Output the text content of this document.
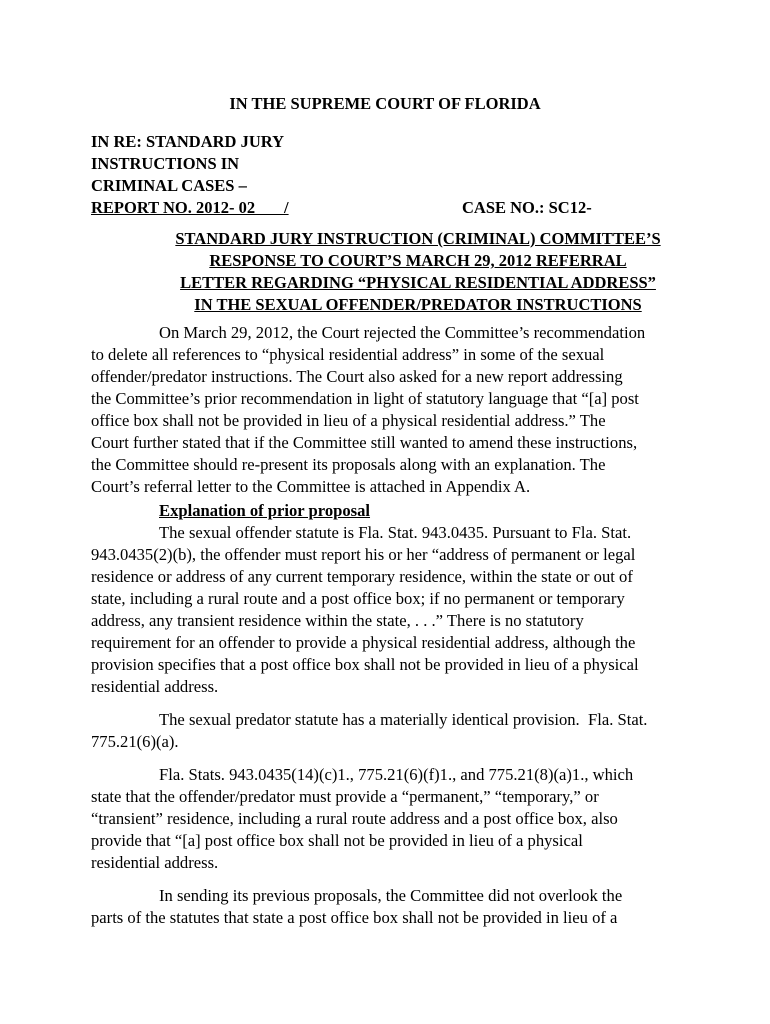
IN THE SUPREME COURT OF FLORIDA
IN RE: STANDARD JURY
INSTRUCTIONS IN
CRIMINAL CASES –
REPORT NO. 2012- 02       /	CASE NO.: SC12-
STANDARD JURY INSTRUCTION (CRIMINAL) COMMITTEE’S
RESPONSE TO COURT’S MARCH 29, 2012 REFERRAL
LETTER REGARDING “PHYSICAL RESIDENTIAL ADDRESS”
IN THE SEXUAL OFFENDER/PREDATOR INSTRUCTIONS
On March 29, 2012, the Court rejected the Committee’s recommendation
to delete all references to “physical residential address” in some of the sexual
offender/predator instructions. The Court also asked for a new report addressing
the Committee’s prior recommendation in light of statutory language that “[a] post
office box shall not be provided in lieu of a physical residential address.” The
Court further stated that if the Committee still wanted to amend these instructions,
the Committee should re-present its proposals along with an explanation. The
Court’s referral letter to the Committee is attached in Appendix A.
Explanation of prior proposal
The sexual offender statute is Fla. Stat. 943.0435. Pursuant to Fla. Stat.
943.0435(2)(b), the offender must report his or her “address of permanent or legal
residence or address of any current temporary residence, within the state or out of
state, including a rural route and a post office box; if no permanent or temporary
address, any transient residence within the state, . . .” There is no statutory
requirement for an offender to provide a physical residential address, although the
provision specifies that a post office box shall not be provided in lieu of a physical
residential address.
The sexual predator statute has a materially identical provision.  Fla. Stat.
775.21(6)(a).
Fla. Stats. 943.0435(14)(c)1., 775.21(6)(f)1., and 775.21(8)(a)1., which
state that the offender/predator must provide a “permanent,” “temporary,” or
“transient” residence, including a rural route address and a post office box, also
provide that “[a] post office box shall not be provided in lieu of a physical
residential address.
In sending its previous proposals, the Committee did not overlook the
parts of the statutes that state a post office box shall not be provided in lieu of a
